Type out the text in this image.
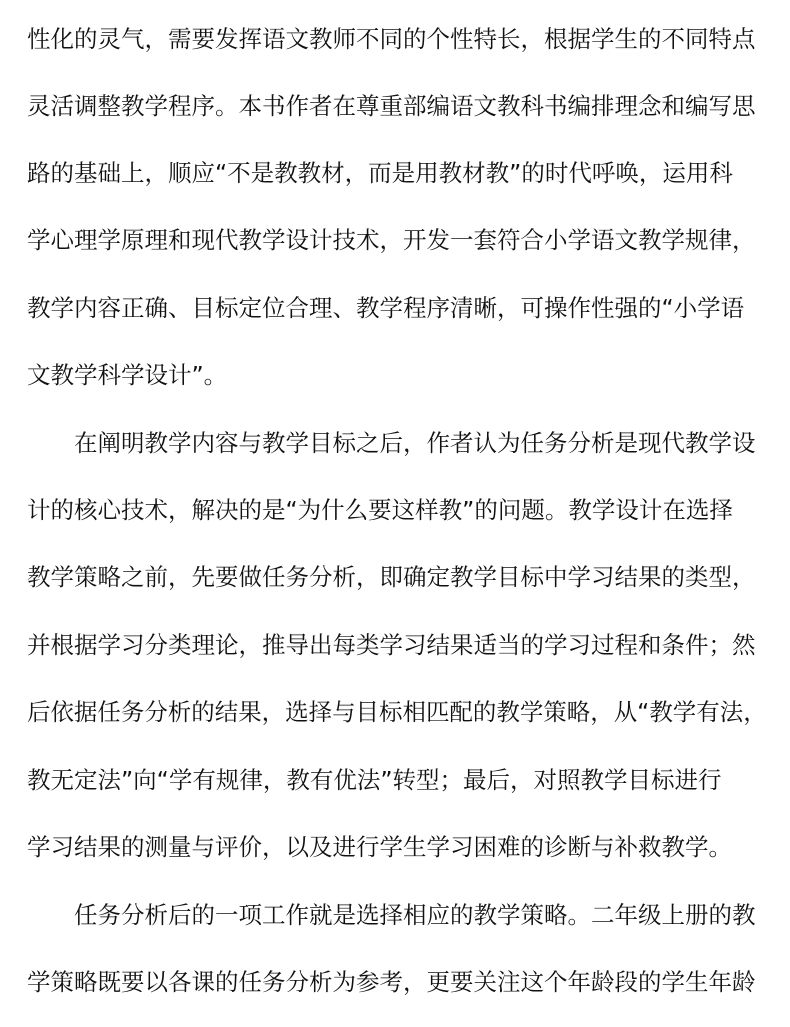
性化的灵气，需要发挥语文教师不同的个性特长，根据学生的不同特点
灵活调整教学程序。本书作者在尊重部编语文教科书编排理念和编写思
路的基础上，顺应“不是教教材，而是用教材教”的时代呼唤，运用科
学心理学原理和现代教学设计技术，开发一套符合小学语文教学规律，
教学内容正确、目标定位合理、教学程序清晰，可操作性强的“小学语
文教学科学设计”。
在阐明教学内容与教学目标之后，作者认为任务分析是现代教学设
计的核心技术，解决的是“为什么要这样教”的问题。教学设计在选择
教学策略之前，先要做任务分析，即确定教学目标中学习结果的类型，
并根据学习分类理论，推导出每类学习结果适当的学习过程和条件；然
后依据任务分析的结果，选择与目标相匹配的教学策略，从“教学有法，
教无定法”向“学有规律，教有优法”转型；最后，对照教学目标进行
学习结果的测量与评价，以及进行学生学习困难的诊断与补救教学。
任务分析后的一项工作就是选择相应的教学策略。二年级上册的教
学策略既要以各课的任务分析为参考，更要关注这个年龄段的学生年龄
